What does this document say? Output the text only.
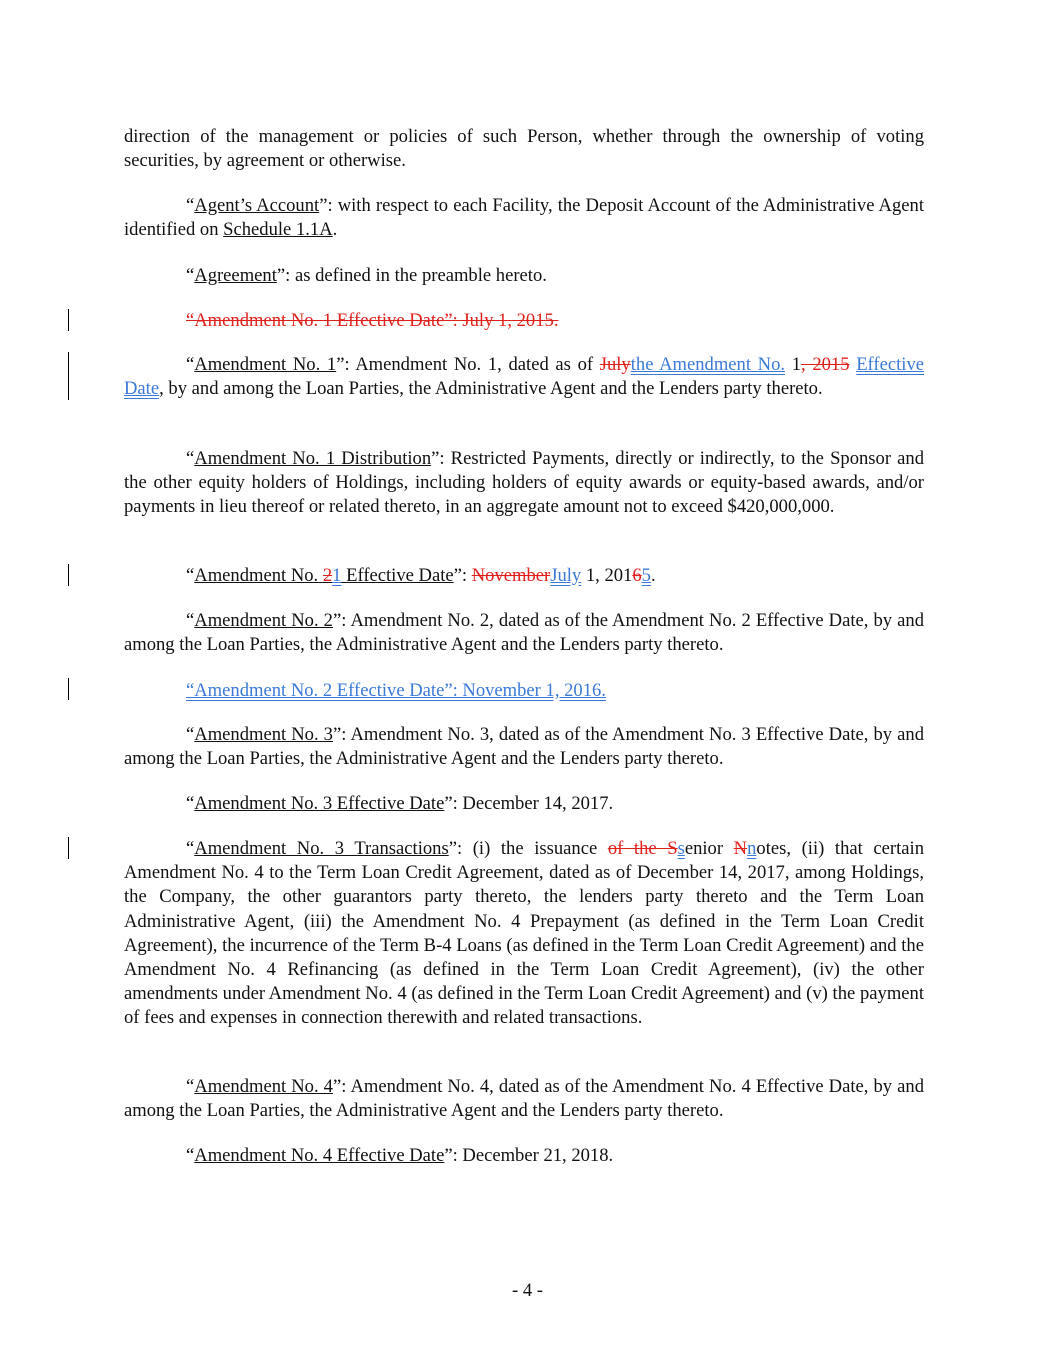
direction of the management or policies of such Person, whether through the ownership of voting securities, by agreement or otherwise.

“Agent’s Account”: with respect to each Facility, the Deposit Account of the Administrative Agent identified on Schedule 1.1A.

“Agreement”: as defined in the preamble hereto.

“Amendment No. 1 Effective Date”: July 1, 2015.

“Amendment No. 1”: Amendment No. 1, dated as of Julythe Amendment No. 1, 2015 Effective Date, by and among the Loan Parties, the Administrative Agent and the Lenders party thereto.

“Amendment No. 1 Distribution”: Restricted Payments, directly or indirectly, to the Sponsor and the other equity holders of Holdings, including holders of equity awards or equity-based awards, and/or payments in lieu thereof or related thereto, in an aggregate amount not to exceed $420,000,000.

“Amendment No. 21 Effective Date”: NovemberJuly 1, 20165.

“Amendment No. 2”: Amendment No. 2, dated as of the Amendment No. 2 Effective Date, by and among the Loan Parties, the Administrative Agent and the Lenders party thereto.

“Amendment No. 2 Effective Date”: November 1, 2016.

“Amendment No. 3”: Amendment No. 3, dated as of the Amendment No. 3 Effective Date, by and among the Loan Parties, the Administrative Agent and the Lenders party thereto.

“Amendment No. 3 Effective Date”: December 14, 2017.

“Amendment No. 3 Transactions”: (i) the issuance of the Ssenior Nnotes, (ii) that certain Amendment No. 4 to the Term Loan Credit Agreement, dated as of December 14, 2017, among Holdings, the Company, the other guarantors party thereto, the lenders party thereto and the Term Loan Administrative Agent, (iii) the Amendment No. 4 Prepayment (as defined in the Term Loan Credit Agreement), the incurrence of the Term B-4 Loans (as defined in the Term Loan Credit Agreement) and the Amendment No. 4 Refinancing (as defined in the Term Loan Credit Agreement), (iv) the other amendments under Amendment No. 4 (as defined in the Term Loan Credit Agreement) and (v) the payment of fees and expenses in connection therewith and related transactions.

“Amendment No. 4”: Amendment No. 4, dated as of the Amendment No. 4 Effective Date, by and among the Loan Parties, the Administrative Agent and the Lenders party thereto.

“Amendment No. 4 Effective Date”: December 21, 2018.

- 4 -
